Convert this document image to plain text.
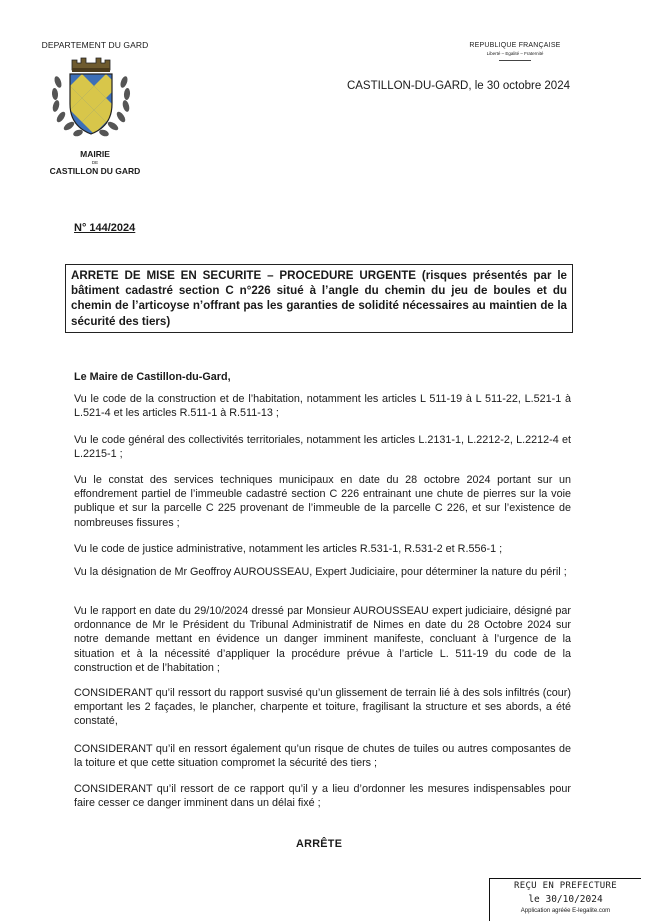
DEPARTEMENT DU GARD
MAIRIE
DE
CASTILLON DU GARD
REPUBLIQUE FRANÇAISE
Liberté – Egalité – Fraternité
CASTILLON-DU-GARD, le 30 octobre 2024
N° 144/2024
ARRETE DE MISE EN SECURITE – PROCEDURE URGENTE (risques présentés par le bâtiment cadastré section C n°226 situé à l’angle du chemin du jeu de boules et du chemin de l’articoyse n’offrant pas les garanties de solidité nécessaires au maintien de la sécurité des tiers)
Le Maire de Castillon-du-Gard,
Vu le code de la construction et de l’habitation, notamment les articles L 511-19 à L 511-22, L.521-1 à L.521-4 et les articles R.511-1 à R.511-13 ;
Vu le code général des collectivités territoriales, notamment les articles L.2131-1, L.2212-2, L.2212-4 et L.2215-1 ;
Vu le constat des services techniques municipaux en date du 28 octobre 2024 portant sur un effondrement partiel de l’immeuble cadastré section C 226 entrainant une chute de pierres sur la voie publique et sur la parcelle C 225 provenant de l’immeuble de la parcelle C 226, et sur l’existence de nombreuses fissures ;
Vu le code de justice administrative, notamment les articles R.531-1, R.531-2 et R.556-1 ;
Vu la désignation de Mr Geoffroy AUROUSSEAU, Expert Judiciaire, pour déterminer la nature du péril ;
Vu le rapport en date du 29/10/2024 dressé par Monsieur AUROUSSEAU expert judiciaire, désigné par ordonnance de Mr le Président du Tribunal Administratif de Nimes en date du 28 Octobre 2024 sur notre demande mettant en évidence un danger imminent manifeste, concluant à l’urgence de la situation et à la nécessité d’appliquer la procédure prévue à l’article L. 511-19 du code de la construction et de l’habitation ;
CONSIDERANT qu’il ressort du rapport susvisé qu’un glissement de terrain lié à des sols infiltrés (cour) emportant les 2 façades, le plancher, charpente et toiture, fragilisant la structure et ses abords, a été constaté,
CONSIDERANT qu’il en ressort également qu’un risque de chutes de tuiles ou autres composantes de la toiture et que cette situation compromet la sécurité des tiers ;
CONSIDERANT qu’il ressort de ce rapport qu’il y a lieu d’ordonner les mesures indispensables pour faire cesser ce danger imminent dans un délai fixé ;
ARRÊTE
REÇU EN PREFECTURE
le 30/10/2024
Application agréée E-legalite.com
